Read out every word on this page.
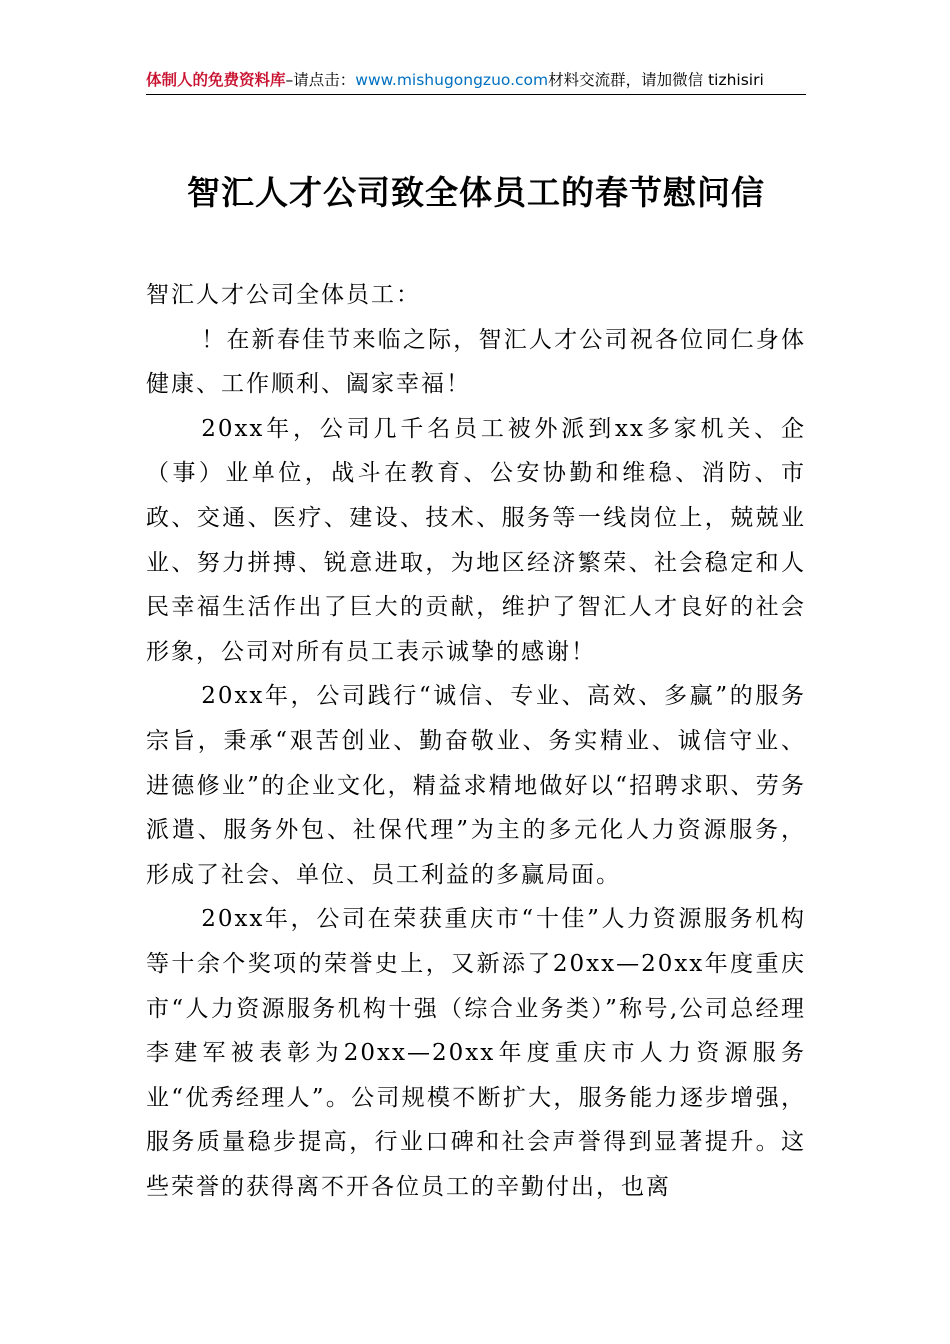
体制人的免费资料库–请点击：www.mishugongzuo.com材料交流群，请加微信 tizhisiri
智汇人才公司致全体员工的春节慰问信

智汇人才公司全体员工：

！在新春佳节来临之际，智汇人才公司祝各位同仁身体健康、工作顺利、阖家幸福！

20xx年，公司几千名员工被外派到xx多家机关、企（事）业单位，战斗在教育、公安协勤和维稳、消防、市政、交通、医疗、建设、技术、服务等一线岗位上，兢兢业业、努力拼搏、锐意进取，为地区经济繁荣、社会稳定和人民幸福生活作出了巨大的贡献，维护了智汇人才良好的社会形象，公司对所有员工表示诚挚的感谢！

20xx年，公司践行“诚信、专业、高效、多赢”的服务宗旨，秉承“艰苦创业、勤奋敬业、务实精业、诚信守业、进德修业”的企业文化，精益求精地做好以“招聘求职、劳务派遣、服务外包、社保代理”为主的多元化人力资源服务，形成了社会、单位、员工利益的多赢局面。

20xx年，公司在荣获重庆市“十佳”人力资源服务机构等十余个奖项的荣誉史上，又新添了20xx—20xx年度重庆市“人力资源服务机构十强（综合业务类）”称号,公司总经理李建军被表彰为20xx—20xx年度重庆市人力资源服务业“优秀经理人”。公司规模不断扩大，服务能力逐步增强，服务质量稳步提高，行业口碑和社会声誉得到显著提升。这些荣誉的获得离不开各位员工的辛勤付出，也离
